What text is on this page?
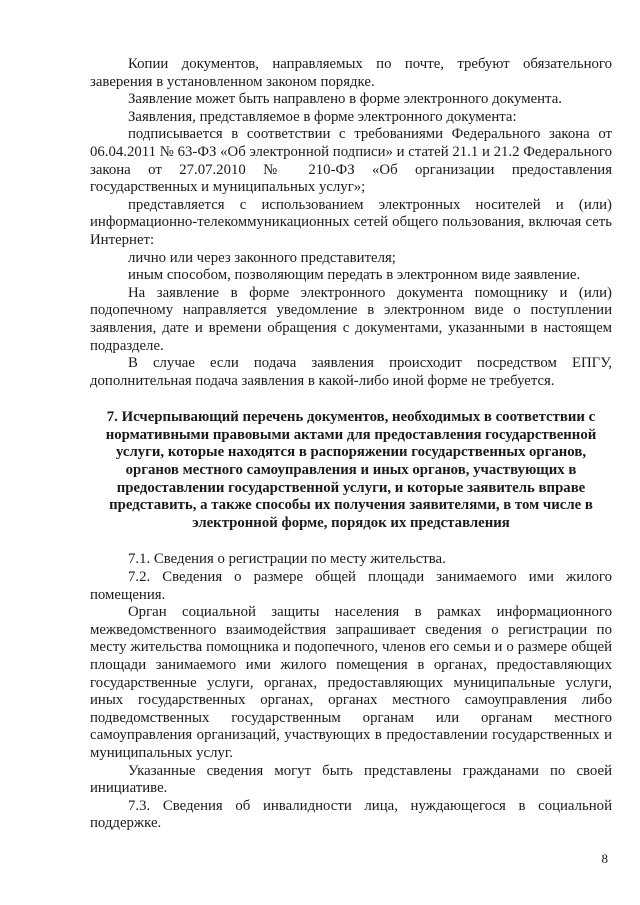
Копии документов, направляемых по почте, требуют обязательного заверения в установленном законом порядке.

Заявление может быть направлено в форме электронного документа.

Заявления, представляемое в форме электронного документа:

подписывается в соответствии с требованиями Федерального закона от 06.04.2011 № 63-ФЗ «Об электронной подписи» и статей 21.1 и 21.2 Федерального закона от 27.07.2010 № 210-ФЗ «Об организации предоставления государственных и муниципальных услуг»;

представляется с использованием электронных носителей и (или) информационно-телекоммуникационных сетей общего пользования, включая сеть Интернет:

лично или через законного представителя;

иным способом, позволяющим передать в электронном виде заявление.

На заявление в форме электронного документа помощнику и (или) подопечному направляется уведомление в электронном виде о поступлении заявления, дате и времени обращения с документами, указанными в настоящем подразделе.

В случае если подача заявления происходит посредством ЕПГУ, дополнительная подача заявления в какой-либо иной форме не требуется.

7. Исчерпывающий перечень документов, необходимых в соответствии с нормативными правовыми актами для предоставления государственной услуги, которые находятся в распоряжении государственных органов, органов местного самоуправления и иных органов, участвующих в предоставлении государственной услуги, и которые заявитель вправе представить, а также способы их получения заявителями, в том числе в электронной форме, порядок их представления

7.1. Сведения о регистрации по месту жительства.

7.2. Сведения о размере общей площади занимаемого ими жилого помещения.

Орган социальной защиты населения в рамках информационного межведомственного взаимодействия запрашивает сведения о регистрации по месту жительства помощника и подопечного, членов его семьи и о размере общей площади занимаемого ими жилого помещения в органах, предоставляющих государственные услуги, органах, предоставляющих муниципальные услуги, иных государственных органах, органах местного самоуправления либо подведомственных государственным органам или органам местного самоуправления организаций, участвующих в предоставлении государственных и муниципальных услуг.

Указанные сведения могут быть представлены гражданами по своей инициативе.

7.3. Сведения об инвалидности лица, нуждающегося в социальной поддержке.

8
